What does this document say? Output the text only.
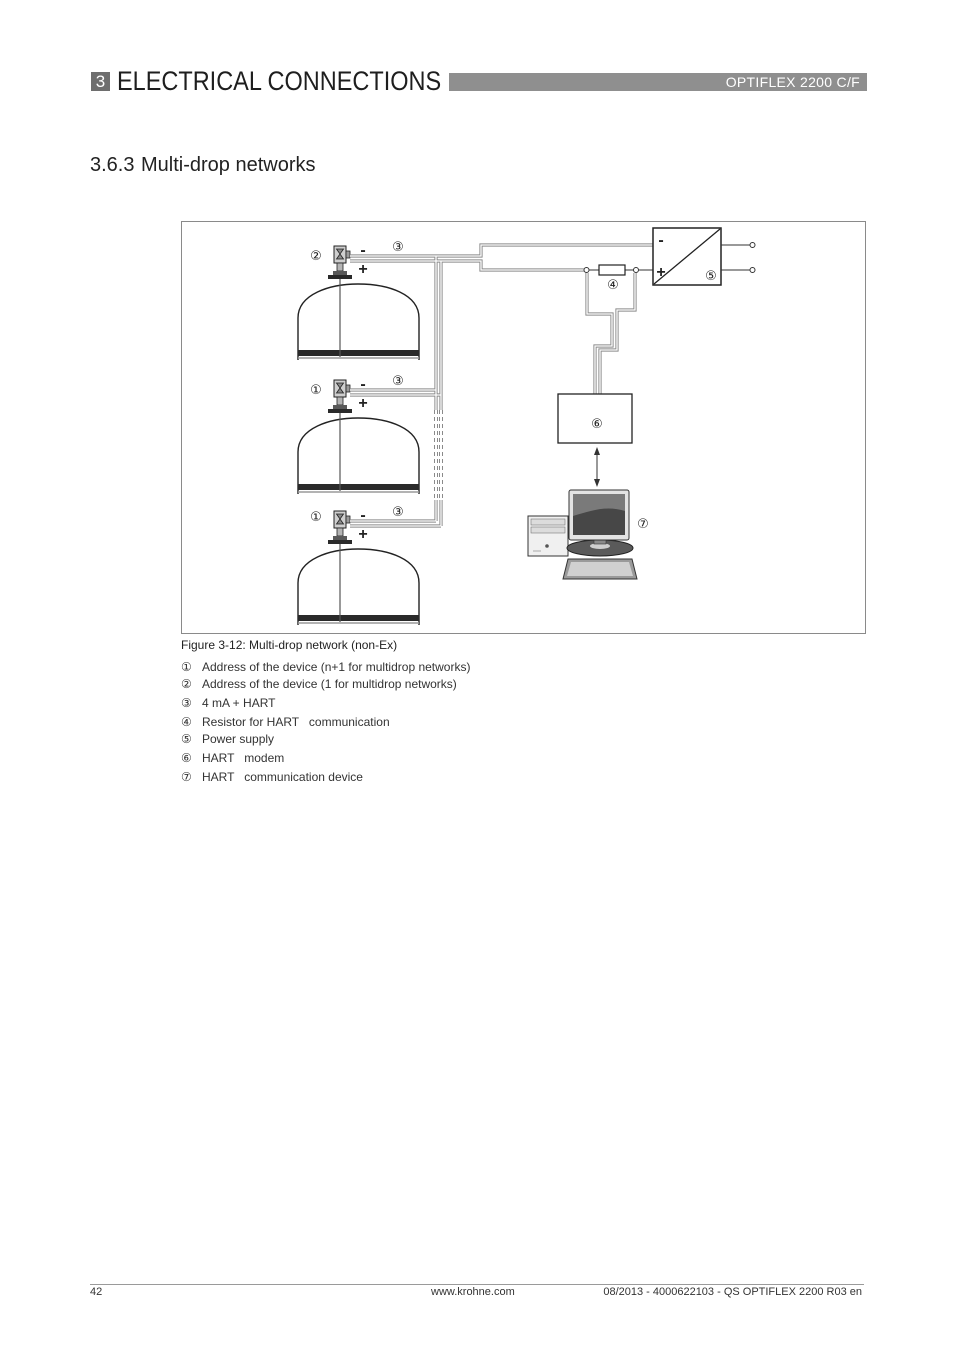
3 ELECTRICAL CONNECTIONS	OPTIFLEX 2200 C/F
3.6.3 Multi-drop networks
② -
+
③
① -
+
③
① -
+
③
④
-
+	⑤
⑥
⑦
Figure 3-12: Multi-drop network (non-Ex)
① Address of the device (n+1 for multidrop networks)
② Address of the device (1 for multidrop networks)
③ 4 mA + HART
④ Resistor for HART   communication
⑤ Power supply
⑥ HART   modem
⑦ HART   communication device
42	www.krohne.com	08/2013 - 4000622103 - QS OPTIFLEX 2200 R03 en
